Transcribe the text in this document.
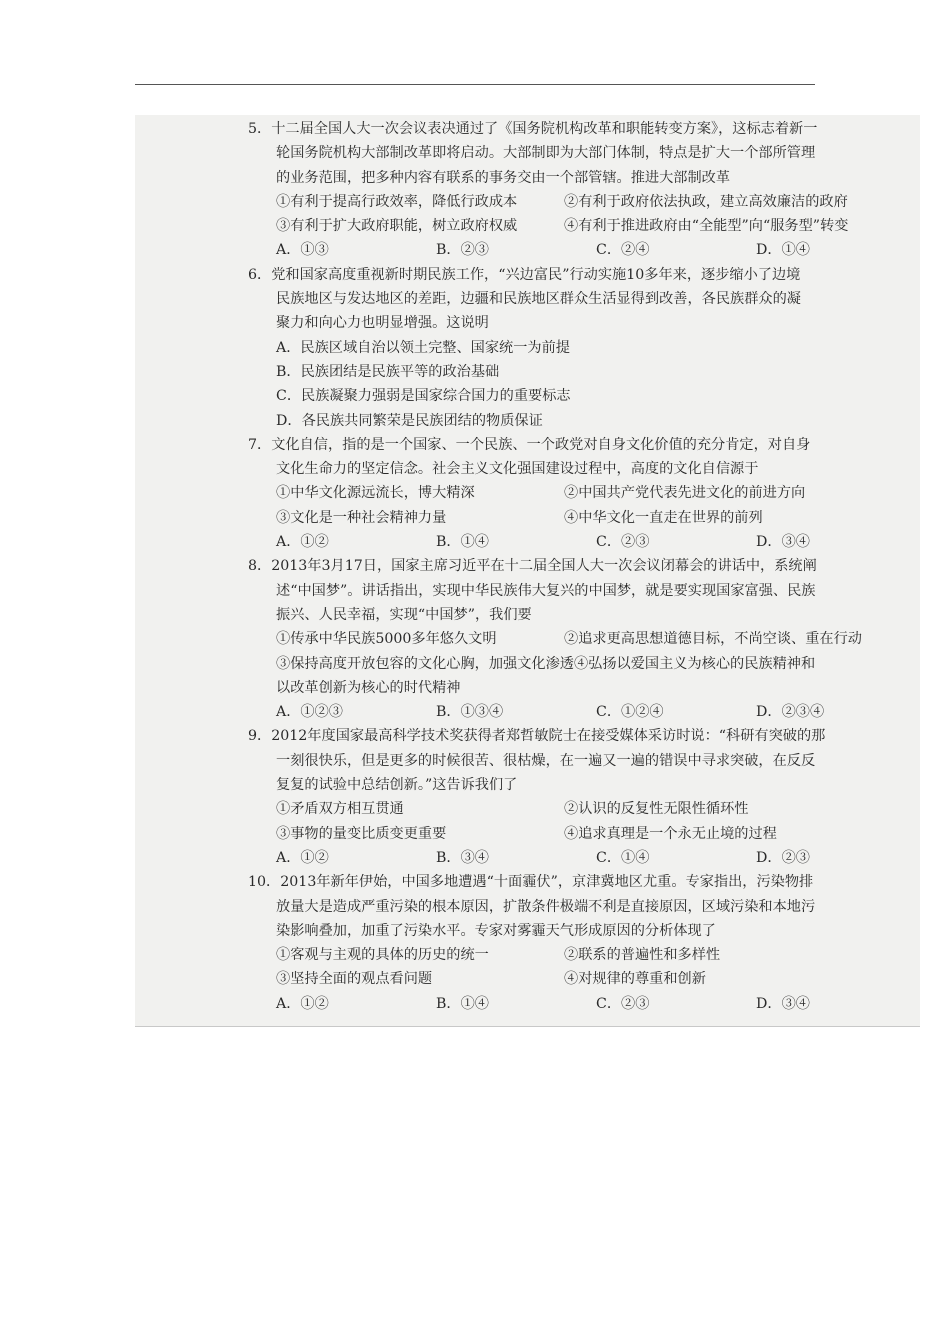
5．十二届全国人大一次会议表决通过了《国务院机构改革和职能转变方案》，这标志着新一
轮国务院机构大部制改革即将启动。大部制即为大部门体制，特点是扩大一个部所管理
的业务范围，把多种内容有联系的事务交由一个部管辖。推进大部制改革
①有利于提高行政效率，降低行政成本	②有利于政府依法执政，建立高效廉洁的政府
③有利于扩大政府职能，树立政府权威	④有利于推进政府由“全能型”向“服务型”转变
A．①③	B．②③	C．②④	D．①④
6．党和国家高度重视新时期民族工作，“兴边富民”行动实施10多年来，逐步缩小了边境
民族地区与发达地区的差距，边疆和民族地区群众生活显得到改善，各民族群众的凝
聚力和向心力也明显增强。这说明
A．民族区域自治以领土完整、国家统一为前提
B．民族团结是民族平等的政治基础
C．民族凝聚力强弱是国家综合国力的重要标志
D．各民族共同繁荣是民族团结的物质保证
7．文化自信，指的是一个国家、一个民族、一个政党对自身文化价值的充分肯定，对自身
文化生命力的坚定信念。社会主义文化强国建设过程中，高度的文化自信源于
①中华文化源远流长，博大精深	②中国共产党代表先进文化的前进方向
③文化是一种社会精神力量	④中华文化一直走在世界的前列
A．①②	B．①④	C．②③	D．③④
8．2013年3月17日，国家主席习近平在十二届全国人大一次会议闭幕会的讲话中，系统阐
述“中国梦”。讲话指出，实现中华民族伟大复兴的中国梦，就是要实现国家富强、民族
振兴、人民幸福，实现“中国梦”，我们要
①传承中华民族5000多年悠久文明	②追求更高思想道德目标，不尚空谈、重在行动
③保持高度开放包容的文化心胸，加强文化渗透④弘扬以爱国主义为核心的民族精神和
以改革创新为核心的时代精神
A．①②③	B．①③④	C．①②④	D．②③④
9．2012年度国家最高科学技术奖获得者郑哲敏院士在接受媒体采访时说：“科研有突破的那
一刻很快乐，但是更多的时候很苦、很枯燥，在一遍又一遍的错误中寻求突破，在反反
复复的试验中总结创新。”这告诉我们了
①矛盾双方相互贯通	②认识的反复性无限性循环性
③事物的量变比质变更重要	④追求真理是一个永无止境的过程
A．①②	B．③④	C．①④	D．②③
10．2013年新年伊始，中国多地遭遇“十面霾伏”，京津冀地区尤重。专家指出，污染物排
放量大是造成严重污染的根本原因，扩散条件极端不利是直接原因，区域污染和本地污
染影响叠加，加重了污染水平。专家对雾霾天气形成原因的分析体现了
①客观与主观的具体的历史的统一	②联系的普遍性和多样性
③坚持全面的观点看问题	④对规律的尊重和创新
A．①②	B．①④	C．②③	D．③④
